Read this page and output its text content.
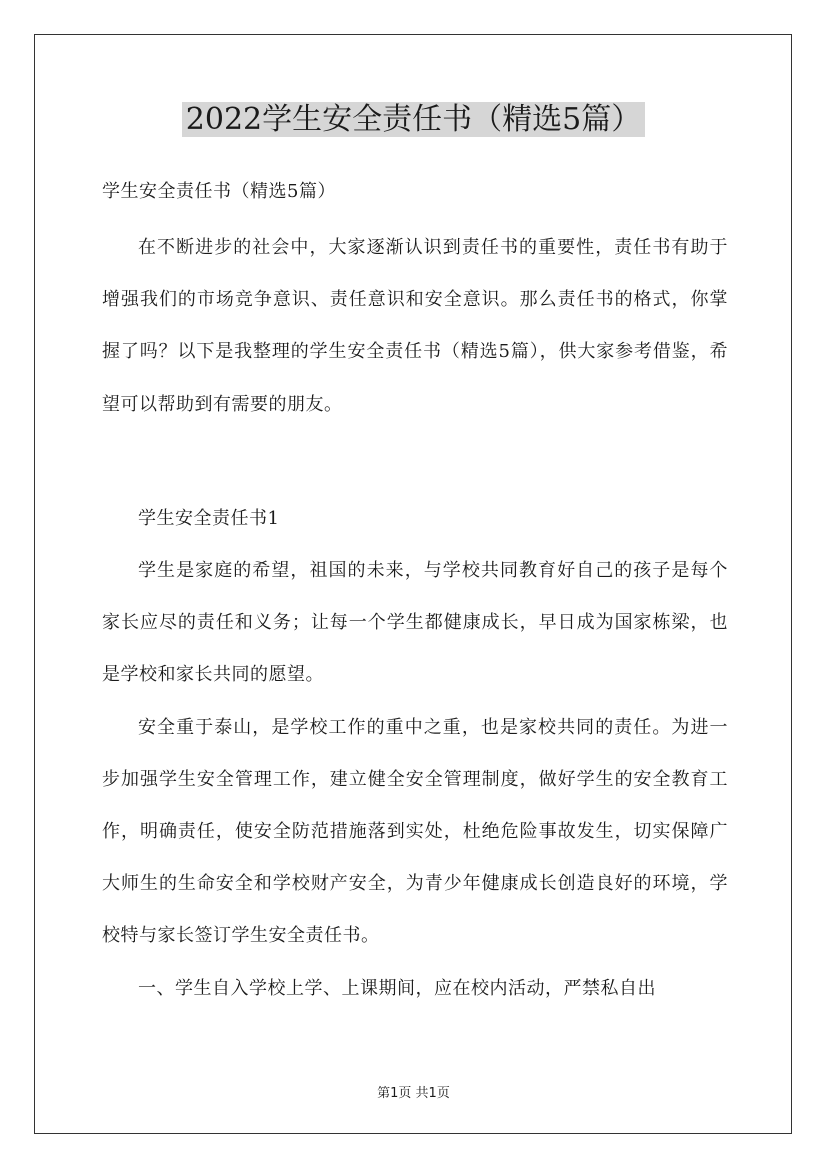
2022学生安全责任书（精选5篇）
学生安全责任书（精选5篇）

在不断进步的社会中，大家逐渐认识到责任书的重要性，责任书有助于增强我们的市场竞争意识、责任意识和安全意识。那么责任书的格式，你掌握了吗？以下是我整理的学生安全责任书（精选5篇），供大家参考借鉴，希望可以帮助到有需要的朋友。

学生安全责任书1

学生是家庭的希望，祖国的未来，与学校共同教育好自己的孩子是每个家长应尽的责任和义务；让每一个学生都健康成长，早日成为国家栋梁，也是学校和家长共同的愿望。

安全重于泰山，是学校工作的重中之重，也是家校共同的责任。为进一步加强学生安全管理工作，建立健全安全管理制度，做好学生的安全教育工作，明确责任，使安全防范措施落到实处，杜绝危险事故发生，切实保障广大师生的生命安全和学校财产安全，为青少年健康成长创造良好的环境，学校特与家长签订学生安全责任书。

一、学生自入学校上学、上课期间，应在校内活动，严禁私自出

第1页 共1页
